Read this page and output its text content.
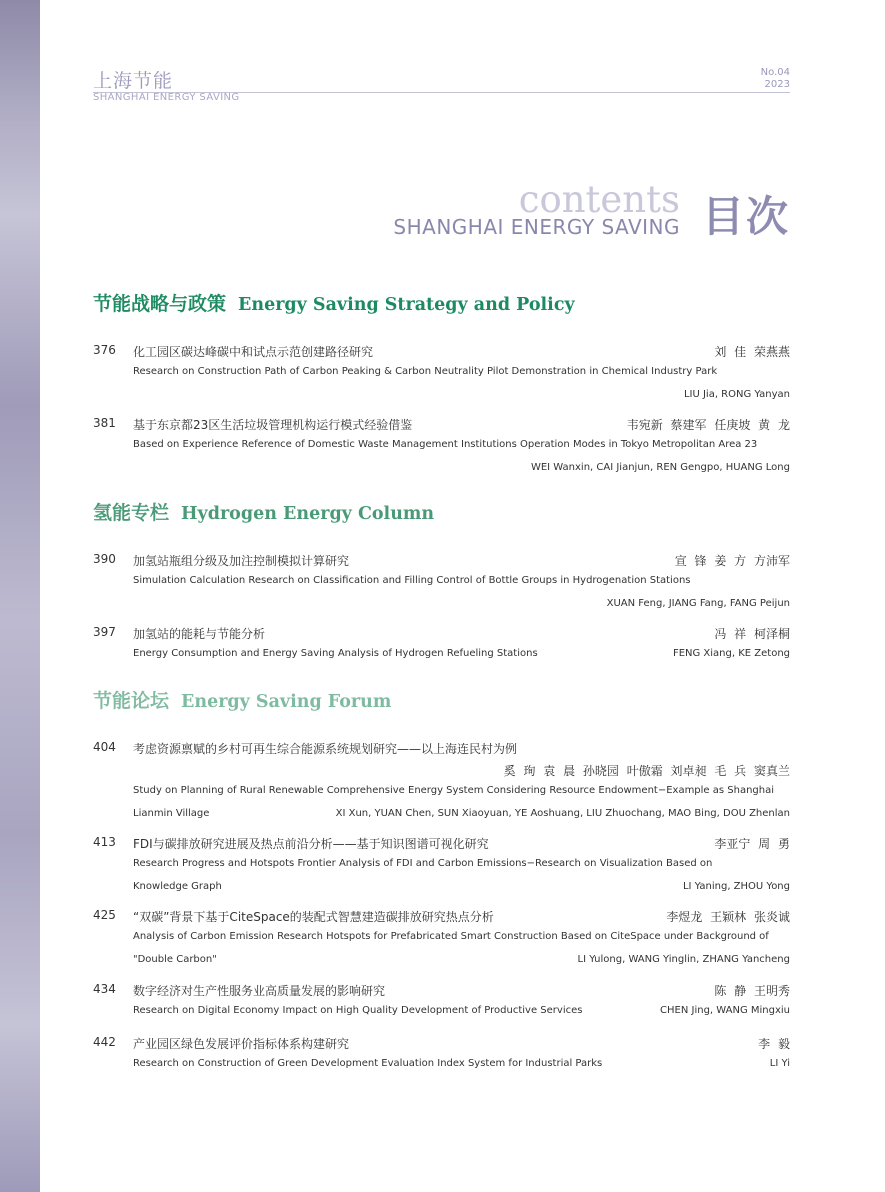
上海节能
SHANGHAI ENERGY SAVING
No.04
2023
contents
SHANGHAI ENERGY SAVING 目次
节能战略与政策 Energy Saving Strategy and Policy
376 化工园区碳达峰碳中和试点示范创建路径研究	刘 佳 荣燕燕
Research on Construction Path of Carbon Peaking & Carbon Neutrality Pilot Demonstration in Chemical Industry Park
LIU Jia, RONG Yanyan
381 基于东京都23区生活垃圾管理机构运行模式经验借鉴	韦宛新 蔡建军 任庚坡 黄 龙
Based on Experience Reference of Domestic Waste Management Institutions Operation Modes in Tokyo Metropolitan Area 23
WEI Wanxin, CAI Jianjun, REN Gengpo, HUANG Long
氢能专栏 Hydrogen Energy Column
390 加氢站瓶组分级及加注控制模拟计算研究	宣 锋 姜 方 方沛军
Simulation Calculation Research on Classification and Filling Control of Bottle Groups in Hydrogenation Stations
XUAN Feng, JIANG Fang, FANG Peijun
397 加氢站的能耗与节能分析	冯 祥 柯泽桐
Energy Consumption and Energy Saving Analysis of Hydrogen Refueling Stations	FENG Xiang, KE Zetong
节能论坛 Energy Saving Forum
404 考虑资源禀赋的乡村可再生综合能源系统规划研究——以上海连民村为例
奚 珣 袁 晨 孙晓园 叶傲霜 刘卓昶 毛 兵 窦真兰
Study on Planning of Rural Renewable Comprehensive Energy System Considering Resource Endowment−Example as Shanghai
Lianmin Village	XI Xun, YUAN Chen, SUN Xiaoyuan, YE Aoshuang, LIU Zhuochang, MAO Bing, DOU Zhenlan
413 FDI与碳排放研究进展及热点前沿分析——基于知识图谱可视化研究	李亚宁 周 勇
Research Progress and Hotspots Frontier Analysis of FDI and Carbon Emissions−Research on Visualization Based on
Knowledge Graph	LI Yaning, ZHOU Yong
425 “双碳”背景下基于CiteSpace的装配式智慧建造碳排放研究热点分析	李煜龙 王颖林 张炎诚
Analysis of Carbon Emission Research Hotspots for Prefabricated Smart Construction Based on CiteSpace under Background of
"Double Carbon"	LI Yulong, WANG Yinglin, ZHANG Yancheng
434 数字经济对生产性服务业高质量发展的影响研究	陈 静 王明秀
Research on Digital Economy Impact on High Quality Development of Productive Services	CHEN Jing, WANG Mingxiu
442 产业园区绿色发展评价指标体系构建研究	李 毅
Research on Construction of Green Development Evaluation Index System for Industrial Parks	LI Yi
